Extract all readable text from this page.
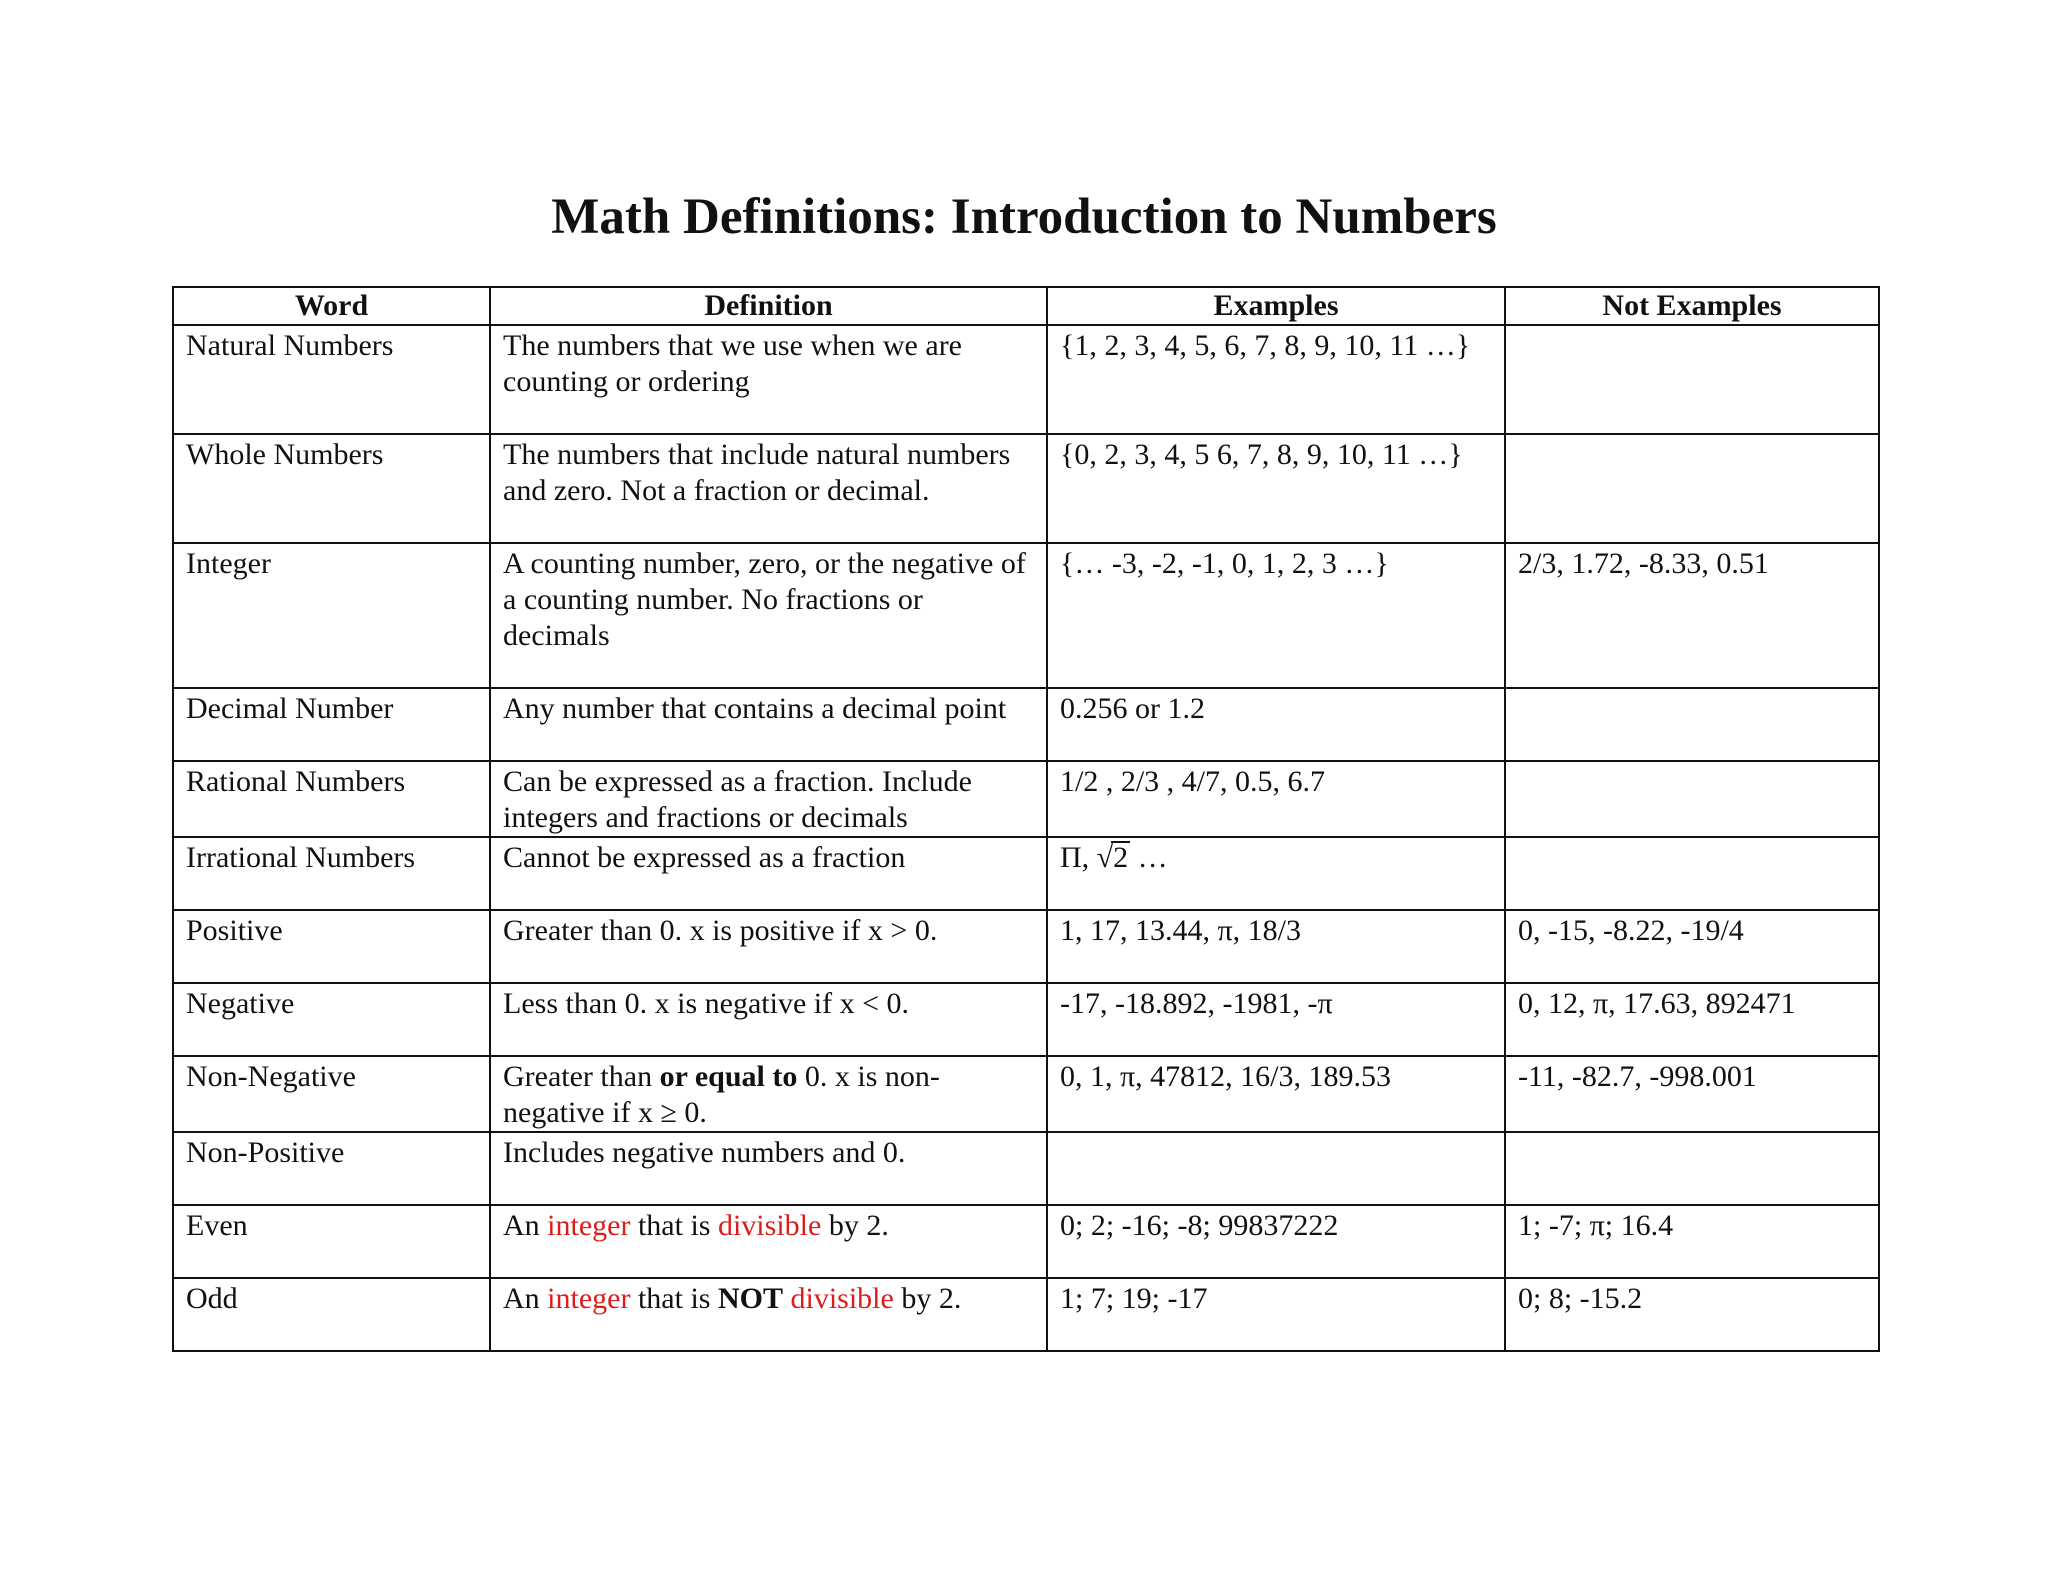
Math Definitions: Introduction to Numbers
Word	Definition	Examples	Not Examples
Natural Numbers	The numbers that we use when we are counting or ordering	{1, 2, 3, 4, 5, 6, 7, 8, 9, 10, 11 …}	
Whole Numbers	The numbers that include natural numbers and zero. Not a fraction or decimal.	{0, 2, 3, 4, 5 6, 7, 8, 9, 10, 11 …}	
Integer	A counting number, zero, or the negative of a counting number. No fractions or decimals	{… -3, -2, -1, 0, 1, 2, 3 …}	2/3, 1.72, -8.33, 0.51
Decimal Number	Any number that contains a decimal point	0.256 or 1.2	
Rational Numbers	Can be expressed as a fraction. Include integers and fractions or decimals	1/2 , 2/3 , 4/7, 0.5, 6.7	
Irrational Numbers	Cannot be expressed as a fraction	Π, √2 …	
Positive	Greater than 0. x is positive if x > 0.	1, 17, 13.44, π, 18/3	0, -15, -8.22, -19/4
Negative	Less than 0. x is negative if x < 0.	-17, -18.892, -1981, -π	0, 12, π, 17.63, 892471
Non-Negative	Greater than or equal to 0. x is non-negative if x ≥ 0.	0, 1, π, 47812, 16/3, 189.53	-11, -82.7, -998.001
Non-Positive	Includes negative numbers and 0.		
Even	An integer that is divisible by 2.	0; 2; -16; -8; 99837222	1; -7; π; 16.4
Odd	An integer that is NOT divisible by 2.	1; 7; 19; -17	0; 8; -15.2
